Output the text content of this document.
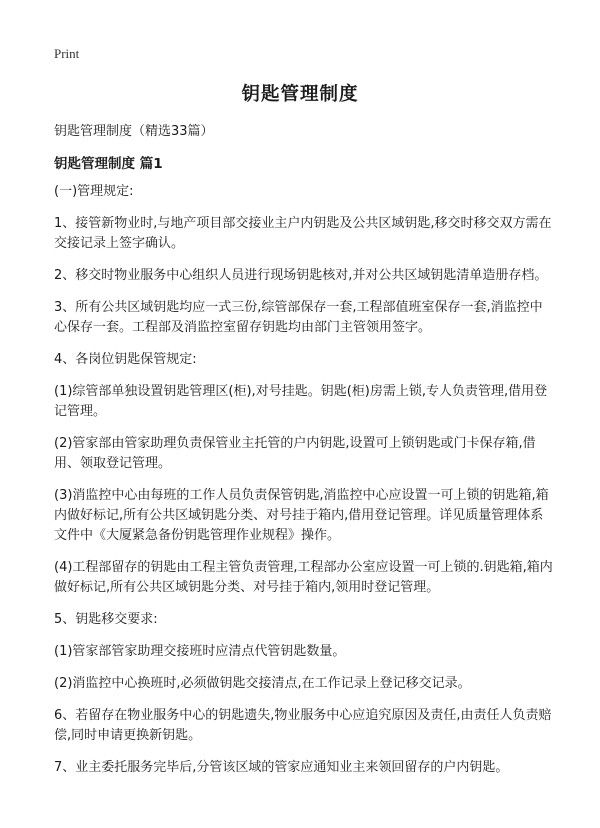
Print
钥匙管理制度
钥匙管理制度（精选33篇）
钥匙管理制度 篇1

(一)管理规定:

1、接管新物业时,与地产项目部交接业主户内钥匙及公共区域钥匙,移交时移交双方需在交接记录上签字确认。

2、移交时物业服务中心组织人员进行现场钥匙核对,并对公共区域钥匙清单造册存档。

3、所有公共区域钥匙均应一式三份,综管部保存一套,工程部值班室保存一套,消监控中心保存一套。工程部及消监控室留存钥匙均由部门主管领用签字。

4、各岗位钥匙保管规定:

(1)综管部单独设置钥匙管理区(柜),对号挂匙。钥匙(柜)房需上锁,专人负责管理,借用登记管理。

(2)管家部由管家助理负责保管业主托管的户内钥匙,设置可上锁钥匙或门卡保存箱,借用、领取登记管理。

(3)消监控中心由每班的工作人员负责保管钥匙,消监控中心应设置一可上锁的钥匙箱,箱内做好标记,所有公共区域钥匙分类、对号挂于箱内,借用登记管理。详见质量管理体系文件中《大厦紧急备份钥匙管理作业规程》操作。

(4)工程部留存的钥匙由工程主管负责管理,工程部办公室应设置一可上锁的.钥匙箱,箱内做好标记,所有公共区域钥匙分类、对号挂于箱内,领用时登记管理。

5、钥匙移交要求:

(1)管家部管家助理交接班时应清点代管钥匙数量。

(2)消监控中心换班时,必须做钥匙交接清点,在工作记录上登记移交记录。

6、若留存在物业服务中心的钥匙遗失,物业服务中心应追究原因及责任,由责任人负责赔偿,同时申请更换新钥匙。

7、业主委托服务完毕后,分管该区域的管家应通知业主来领回留存的户内钥匙。
